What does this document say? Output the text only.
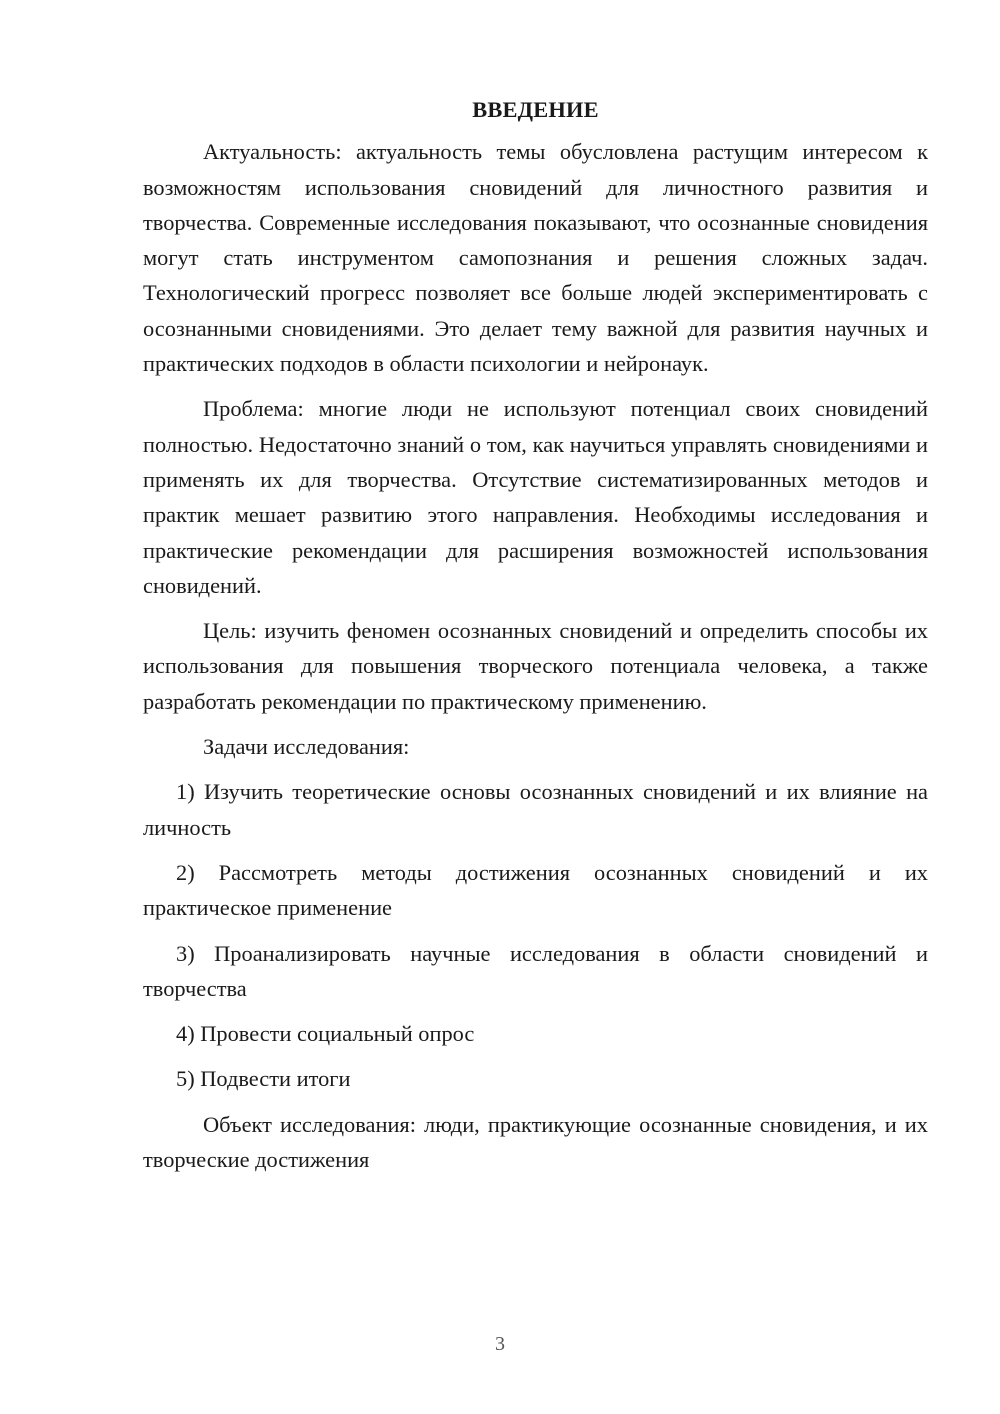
ВВЕДЕНИЕ

Актуальность: актуальность темы обусловлена растущим интересом к возможностям использования сновидений для личностного развития и творчества. Современные исследования показывают, что осознанные сновидения могут стать инструментом самопознания и решения сложных задач. Технологический прогресс позволяет все больше людей экспериментировать с осознанными сновидениями. Это делает тему важной для развития научных и практических подходов в области психологии и нейронаук.

Проблема: многие люди не используют потенциал своих сновидений полностью. Недостаточно знаний о том, как научиться управлять сновидениями и применять их для творчества. Отсутствие систематизированных методов и практик мешает развитию этого направления. Необходимы исследования и практические рекомендации для расширения возможностей использования сновидений.

Цель: изучить феномен осознанных сновидений и определить способы их использования для повышения творческого потенциала человека, а также разработать рекомендации по практическому применению.

Задачи исследования:

1) Изучить теоретические основы осознанных сновидений и их влияние на личность

2) Рассмотреть методы достижения осознанных сновидений и их практическое применение

3) Проанализировать научные исследования в области сновидений и творчества

4) Провести социальный опрос

5) Подвести итоги

Объект исследования: люди, практикующие осознанные сновидения, и их творческие достижения

3
